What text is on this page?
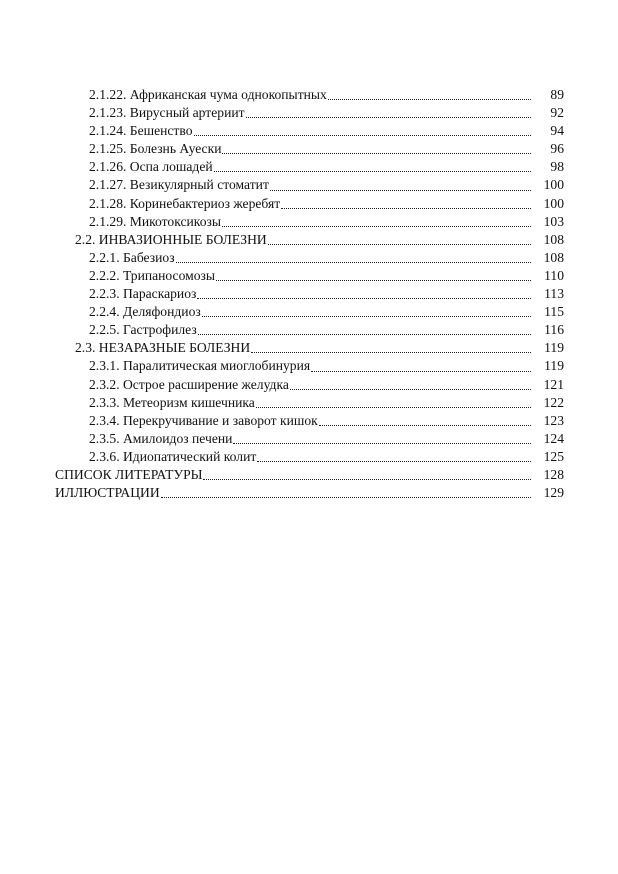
2.1.22. Африканская чума однокопытных	89
2.1.23. Вирусный артериит	92
2.1.24. Бешенство	94
2.1.25. Болезнь Ауески	96
2.1.26. Оспа лошадей	98
2.1.27. Везикулярный стоматит	100
2.1.28. Коринебактериоз жеребят	100
2.1.29. Микотоксикозы	103
2.2. ИНВАЗИОННЫЕ БОЛЕЗНИ	108
2.2.1. Бабезиоз	108
2.2.2. Трипаносомозы	110
2.2.3. Параскариоз	113
2.2.4. Деляфондиоз	115
2.2.5. Гастрофилез	116
2.3. НЕЗАРАЗНЫЕ БОЛЕЗНИ	119
2.3.1. Паралитическая миоглобинурия	119
2.3.2. Острое расширение желудка	121
2.3.3. Метеоризм кишечника	122
2.3.4. Перекручивание и заворот кишок	123
2.3.5. Амилоидоз печени	124
2.3.6. Идиопатический колит	125
СПИСОК ЛИТЕРАТУРЫ	128
ИЛЛЮСТРАЦИИ	129
